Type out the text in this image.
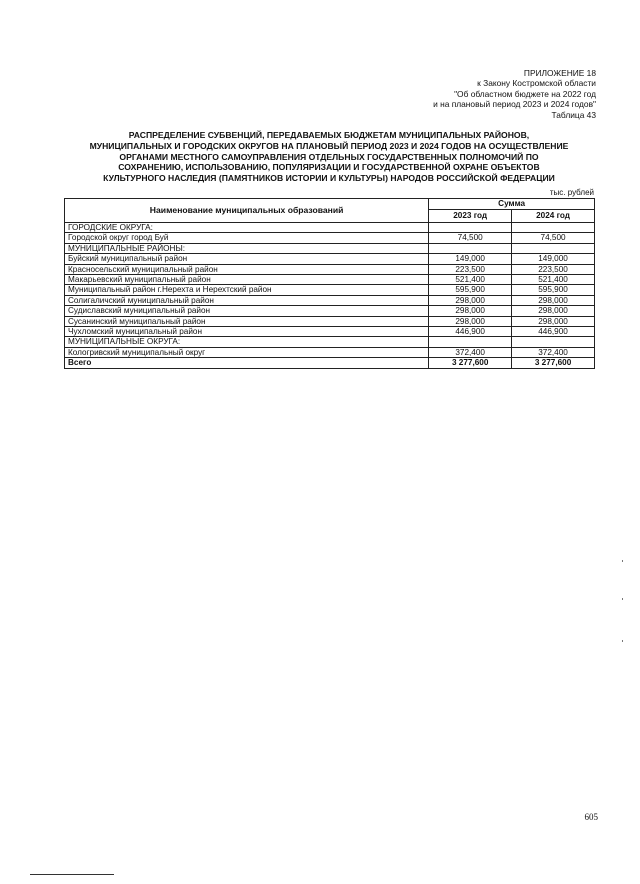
ПРИЛОЖЕНИЕ 18
к Закону Костромской области
"Об областном бюджете на 2022 год
и на плановый период 2023 и 2024 годов"
Таблица 43
РАСПРЕДЕЛЕНИЕ СУБВЕНЦИЙ, ПЕРЕДАВАЕМЫХ БЮДЖЕТАМ МУНИЦИПАЛЬНЫХ РАЙОНОВ,
МУНИЦИПАЛЬНЫХ И ГОРОДСКИХ ОКРУГОВ НА ПЛАНОВЫЙ ПЕРИОД 2023 И 2024 ГОДОВ НА ОСУЩЕСТВЛЕНИЕ
ОРГАНАМИ МЕСТНОГО САМОУПРАВЛЕНИЯ ОТДЕЛЬНЫХ ГОСУДАРСТВЕННЫХ ПОЛНОМОЧИЙ ПО
СОХРАНЕНИЮ, ИСПОЛЬЗОВАНИЮ, ПОПУЛЯРИЗАЦИИ И ГОСУДАРСТВЕННОЙ ОХРАНЕ ОБЪЕКТОВ
КУЛЬТУРНОГО НАСЛЕДИЯ (ПАМЯТНИКОВ ИСТОРИИ И КУЛЬТУРЫ) НАРОДОВ РОССИЙСКОЙ ФЕДЕРАЦИИ
тыс. рублей
Наименование муниципальных образований	Сумма	
	2023 год	2024 год
ГОРОДСКИЕ ОКРУГА:		
Городской округ город Буй	74,500	74,500
МУНИЦИПАЛЬНЫЕ РАЙОНЫ:		
Буйский муниципальный район	149,000	149,000
Красносельский муниципальный район	223,500	223,500
Макарьевский муниципальный район	521,400	521,400
Муниципальный район г.Нерехта и Нерехтский район	595,900	595,900
Солигаличский муниципальный район	298,000	298,000
Судиславский муниципальный район	298,000	298,000
Сусанинский муниципальный район	298,000	298,000
Чухломский муниципальный район	446,900	446,900
МУНИЦИПАЛЬНЫЕ ОКРУГА:		
Кологривский муниципальный округ	372,400	372,400
Всего	3 277,600	3 277,600
605
